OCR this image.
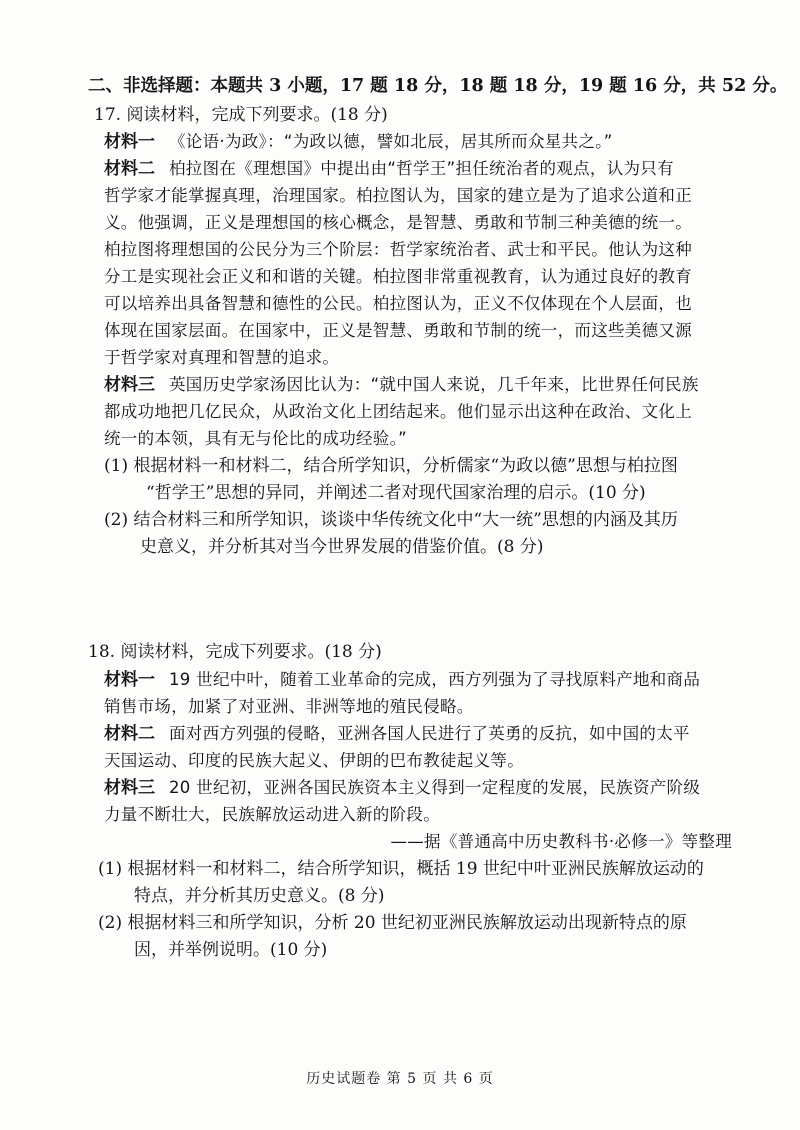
二、非选择题：本题共 3 小题，17 题 18 分，18 题 18 分，19 题 16 分，共 52 分。
17. 阅读材料，完成下列要求。(18 分)
材料一 《论语·为政》：“为政以德，譬如北辰，居其所而众星共之。”
材料二 柏拉图在《理想国》中提出由“哲学王”担任统治者的观点，认为只有
哲学家才能掌握真理，治理国家。柏拉图认为，国家的建立是为了追求公道和正
义。他强调，正义是理想国的核心概念，是智慧、勇敢和节制三种美德的统一。
柏拉图将理想国的公民分为三个阶层：哲学家统治者、武士和平民。他认为这种
分工是实现社会正义和和谐的关键。柏拉图非常重视教育，认为通过良好的教育
可以培养出具备智慧和德性的公民。柏拉图认为，正义不仅体现在个人层面，也
体现在国家层面。在国家中，正义是智慧、勇敢和节制的统一，而这些美德又源
于哲学家对真理和智慧的追求。
材料三 英国历史学家汤因比认为：“就中国人来说，几千年来，比世界任何民族
都成功地把几亿民众，从政治文化上团结起来。他们显示出这种在政治、文化上
统一的本领，具有无与伦比的成功经验。”
(1) 根据材料一和材料二，结合所学知识，分析儒家“为政以德”思想与柏拉图
“哲学王”思想的异同，并阐述二者对现代国家治理的启示。(10 分)
(2) 结合材料三和所学知识，谈谈中华传统文化中“大一统”思想的内涵及其历
史意义，并分析其对当今世界发展的借鉴价值。(8 分)
18. 阅读材料，完成下列要求。(18 分)
材料一 19 世纪中叶，随着工业革命的完成，西方列强为了寻找原料产地和商品
销售市场，加紧了对亚洲、非洲等地的殖民侵略。
材料二 面对西方列强的侵略，亚洲各国人民进行了英勇的反抗，如中国的太平
天国运动、印度的民族大起义、伊朗的巴布教徒起义等。
材料三 20 世纪初，亚洲各国民族资本主义得到一定程度的发展，民族资产阶级
力量不断壮大，民族解放运动进入新的阶段。
——据《普通高中历史教科书·必修一》等整理
(1) 根据材料一和材料二，结合所学知识，概括 19 世纪中叶亚洲民族解放运动的
特点，并分析其历史意义。(8 分)
(2) 根据材料三和所学知识，分析 20 世纪初亚洲民族解放运动出现新特点的原
因，并举例说明。(10 分)
历史试题卷 第 5 页 共 6 页
